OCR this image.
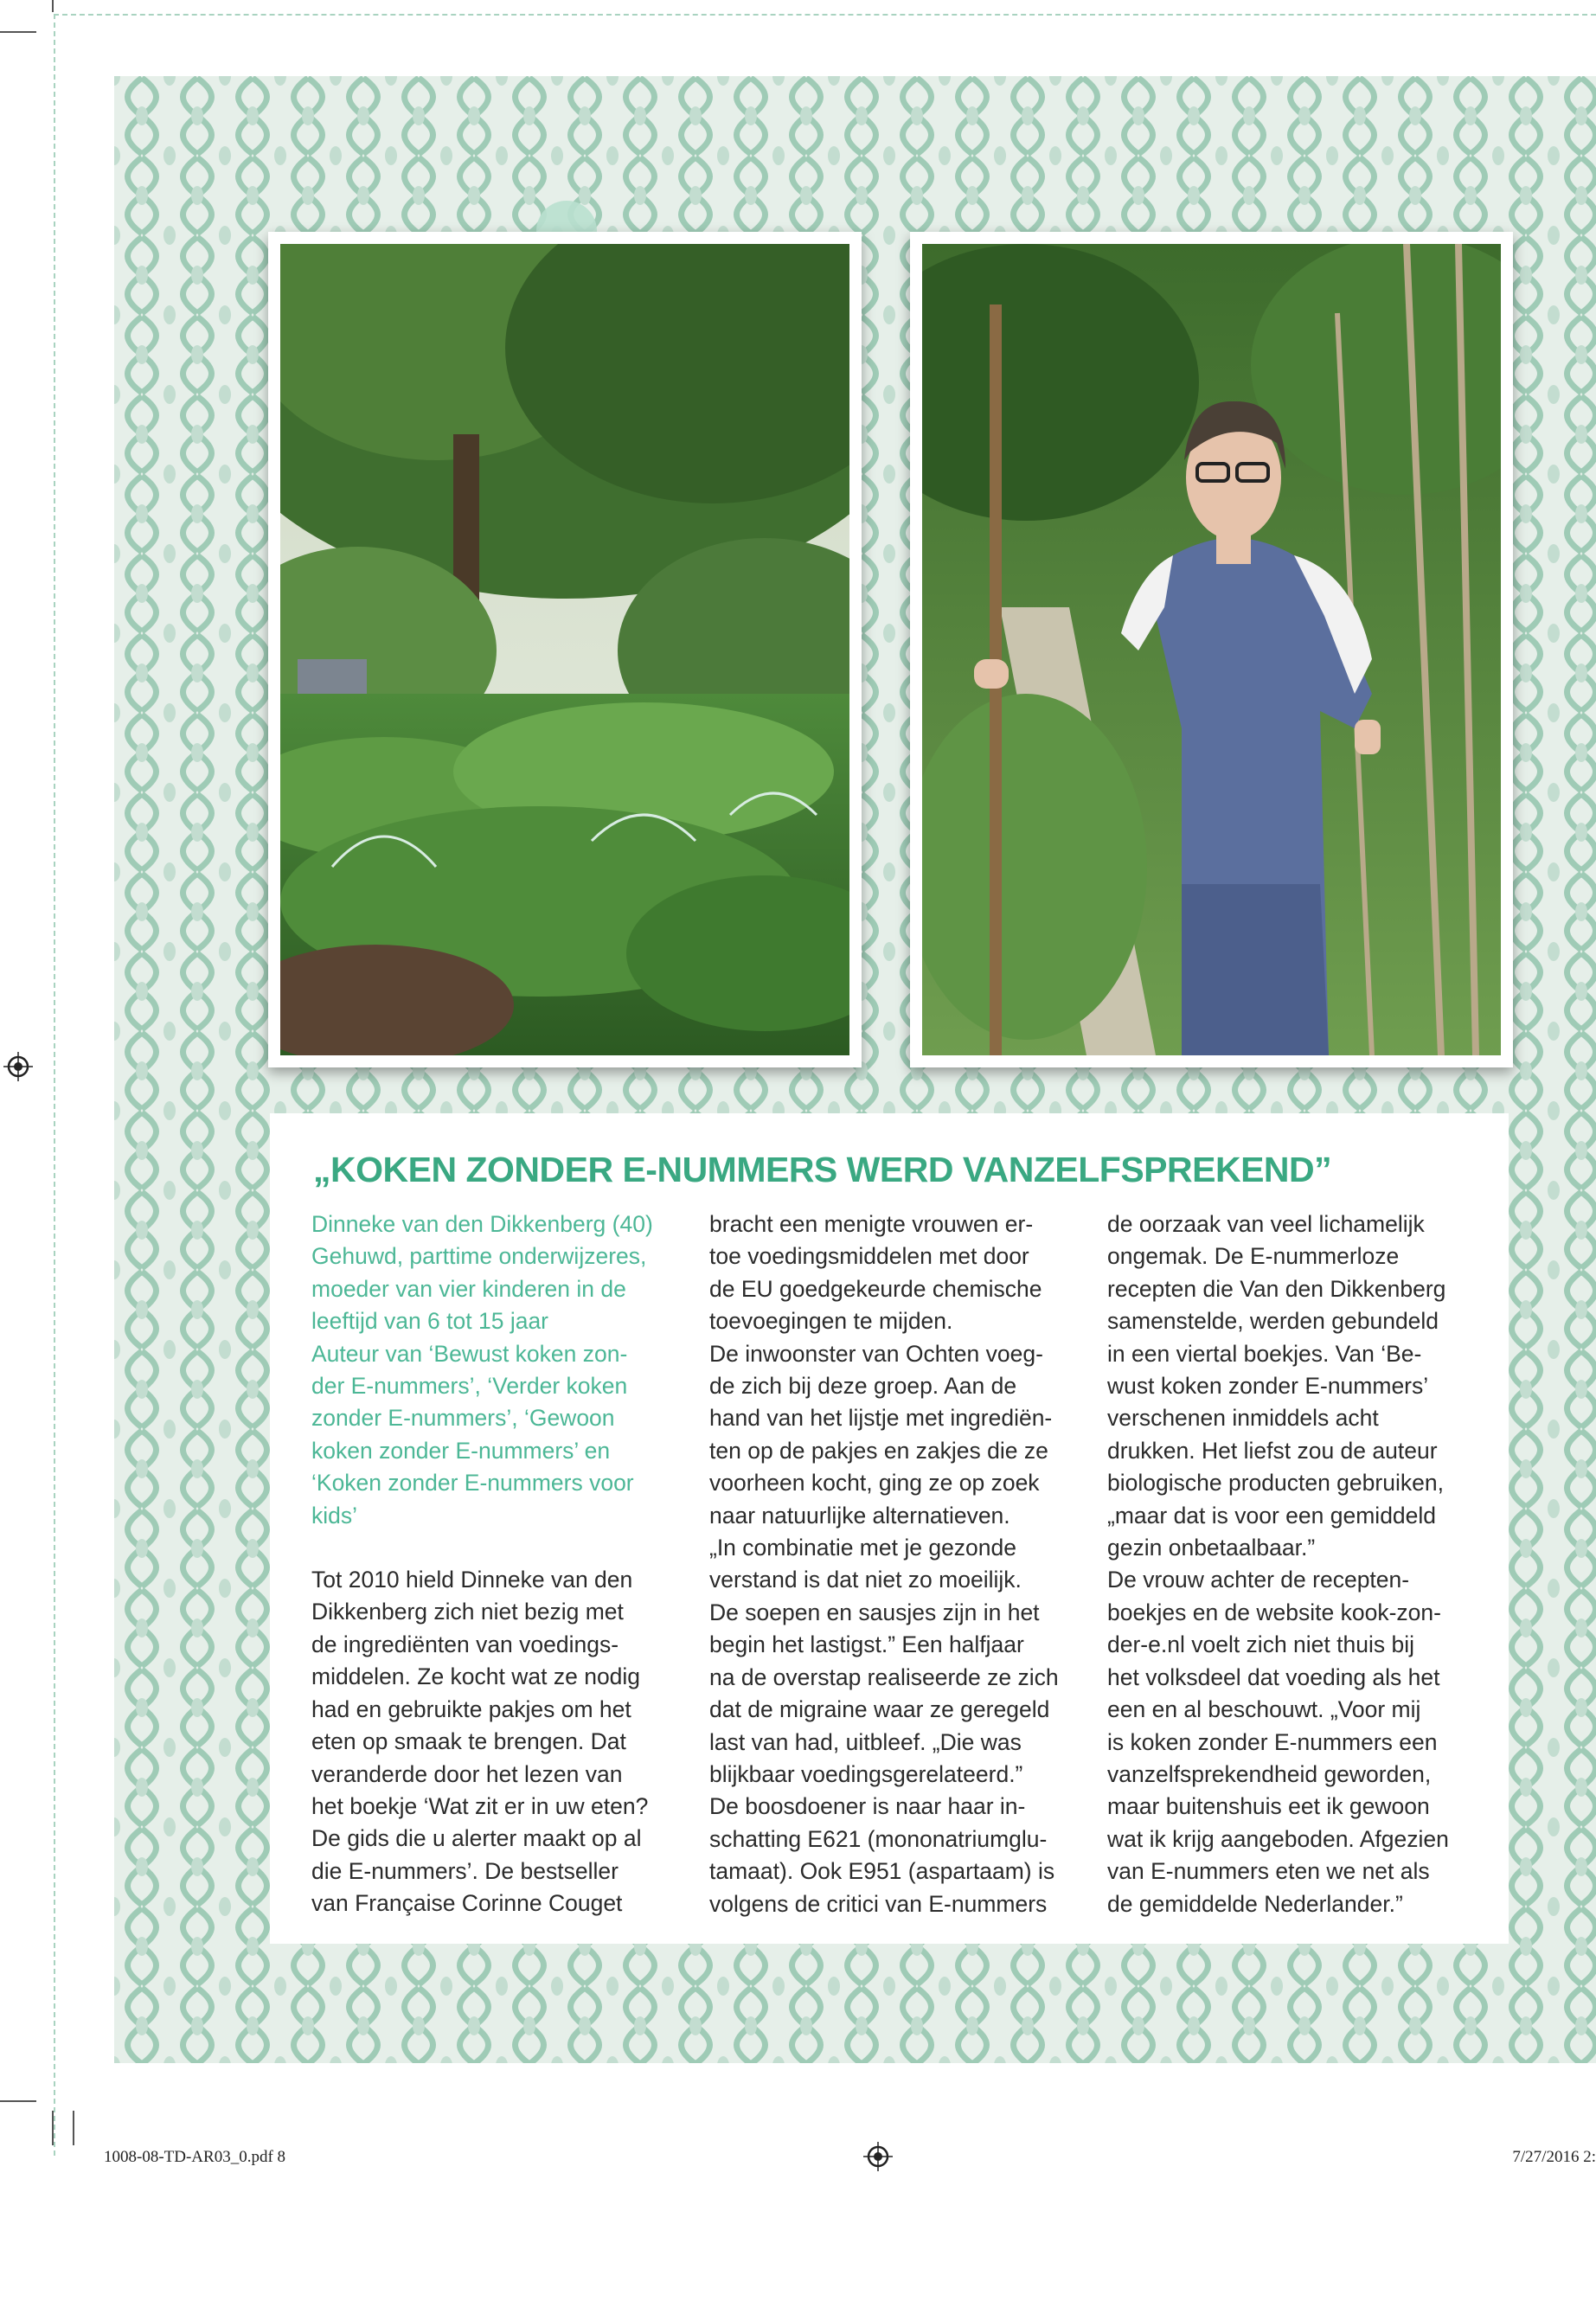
„KOKEN ZONDER E-NUMMERS WERD VANZELFSPREKEND”

Dinneke van den Dikkenberg (40)
Gehuwd, parttime onderwijzeres,
moeder van vier kinderen in de
leeftijd van 6 tot 15 jaar
Auteur van ‘Bewust koken zon-
der E-nummers’, ‘Verder koken
zonder E-nummers’, ‘Gewoon
koken zonder E-nummers’ en
‘Koken zonder E-nummers voor
kids’

Tot 2010 hield Dinneke van den
Dikkenberg zich niet bezig met
de ingrediënten van voedings-
middelen. Ze kocht wat ze nodig
had en gebruikte pakjes om het
eten op smaak te brengen. Dat
veranderde door het lezen van
het boekje ‘Wat zit er in uw eten?
De gids die u alerter maakt op al
die E-nummers’. De bestseller
van Française Corinne Couget

bracht een menigte vrouwen er-
toe voedingsmiddelen met door
de EU goedgekeurde chemische
toevoegingen te mijden.
De inwoonster van Ochten voeg-
de zich bij deze groep. Aan de
hand van het lijstje met ingrediën-
ten op de pakjes en zakjes die ze
voorheen kocht, ging ze op zoek
naar natuurlijke alternatieven.
„In combinatie met je gezonde
verstand is dat niet zo moeilijk.
De soepen en sausjes zijn in het
begin het lastigst.” Een halfjaar
na de overstap realiseerde ze zich
dat de migraine waar ze geregeld
last van had, uitbleef. „Die was
blijkbaar voedingsgerelateerd.”
De boosdoener is naar haar in-
schatting E621 (mononatriumglu-
tamaat). Ook E951 (aspartaam) is
volgens de critici van E-nummers

de oorzaak van veel lichamelijk
ongemak. De E-nummerloze
recepten die Van den Dikkenberg
samenstelde, werden gebundeld
in een viertal boekjes. Van ‘Be-
wust koken zonder E-nummers’
verschenen inmiddels acht
drukken. Het liefst zou de auteur
biologische producten gebruiken,
„maar dat is voor een gemiddeld
gezin onbetaalbaar.”
De vrouw achter de recepten-
boekjes en de website kook-zon-
der-e.nl voelt zich niet thuis bij
het volksdeel dat voeding als het
een en al beschouwt. „Voor mij
is koken zonder E-nummers een
vanzelfsprekendheid geworden,
maar buitenshuis eet ik gewoon
wat ik krijg aangeboden. Afgezien
van E-nummers eten we net als
de gemiddelde Nederlander.”

1008-08-TD-AR03_0.pdf 8	7/27/2016 2:
